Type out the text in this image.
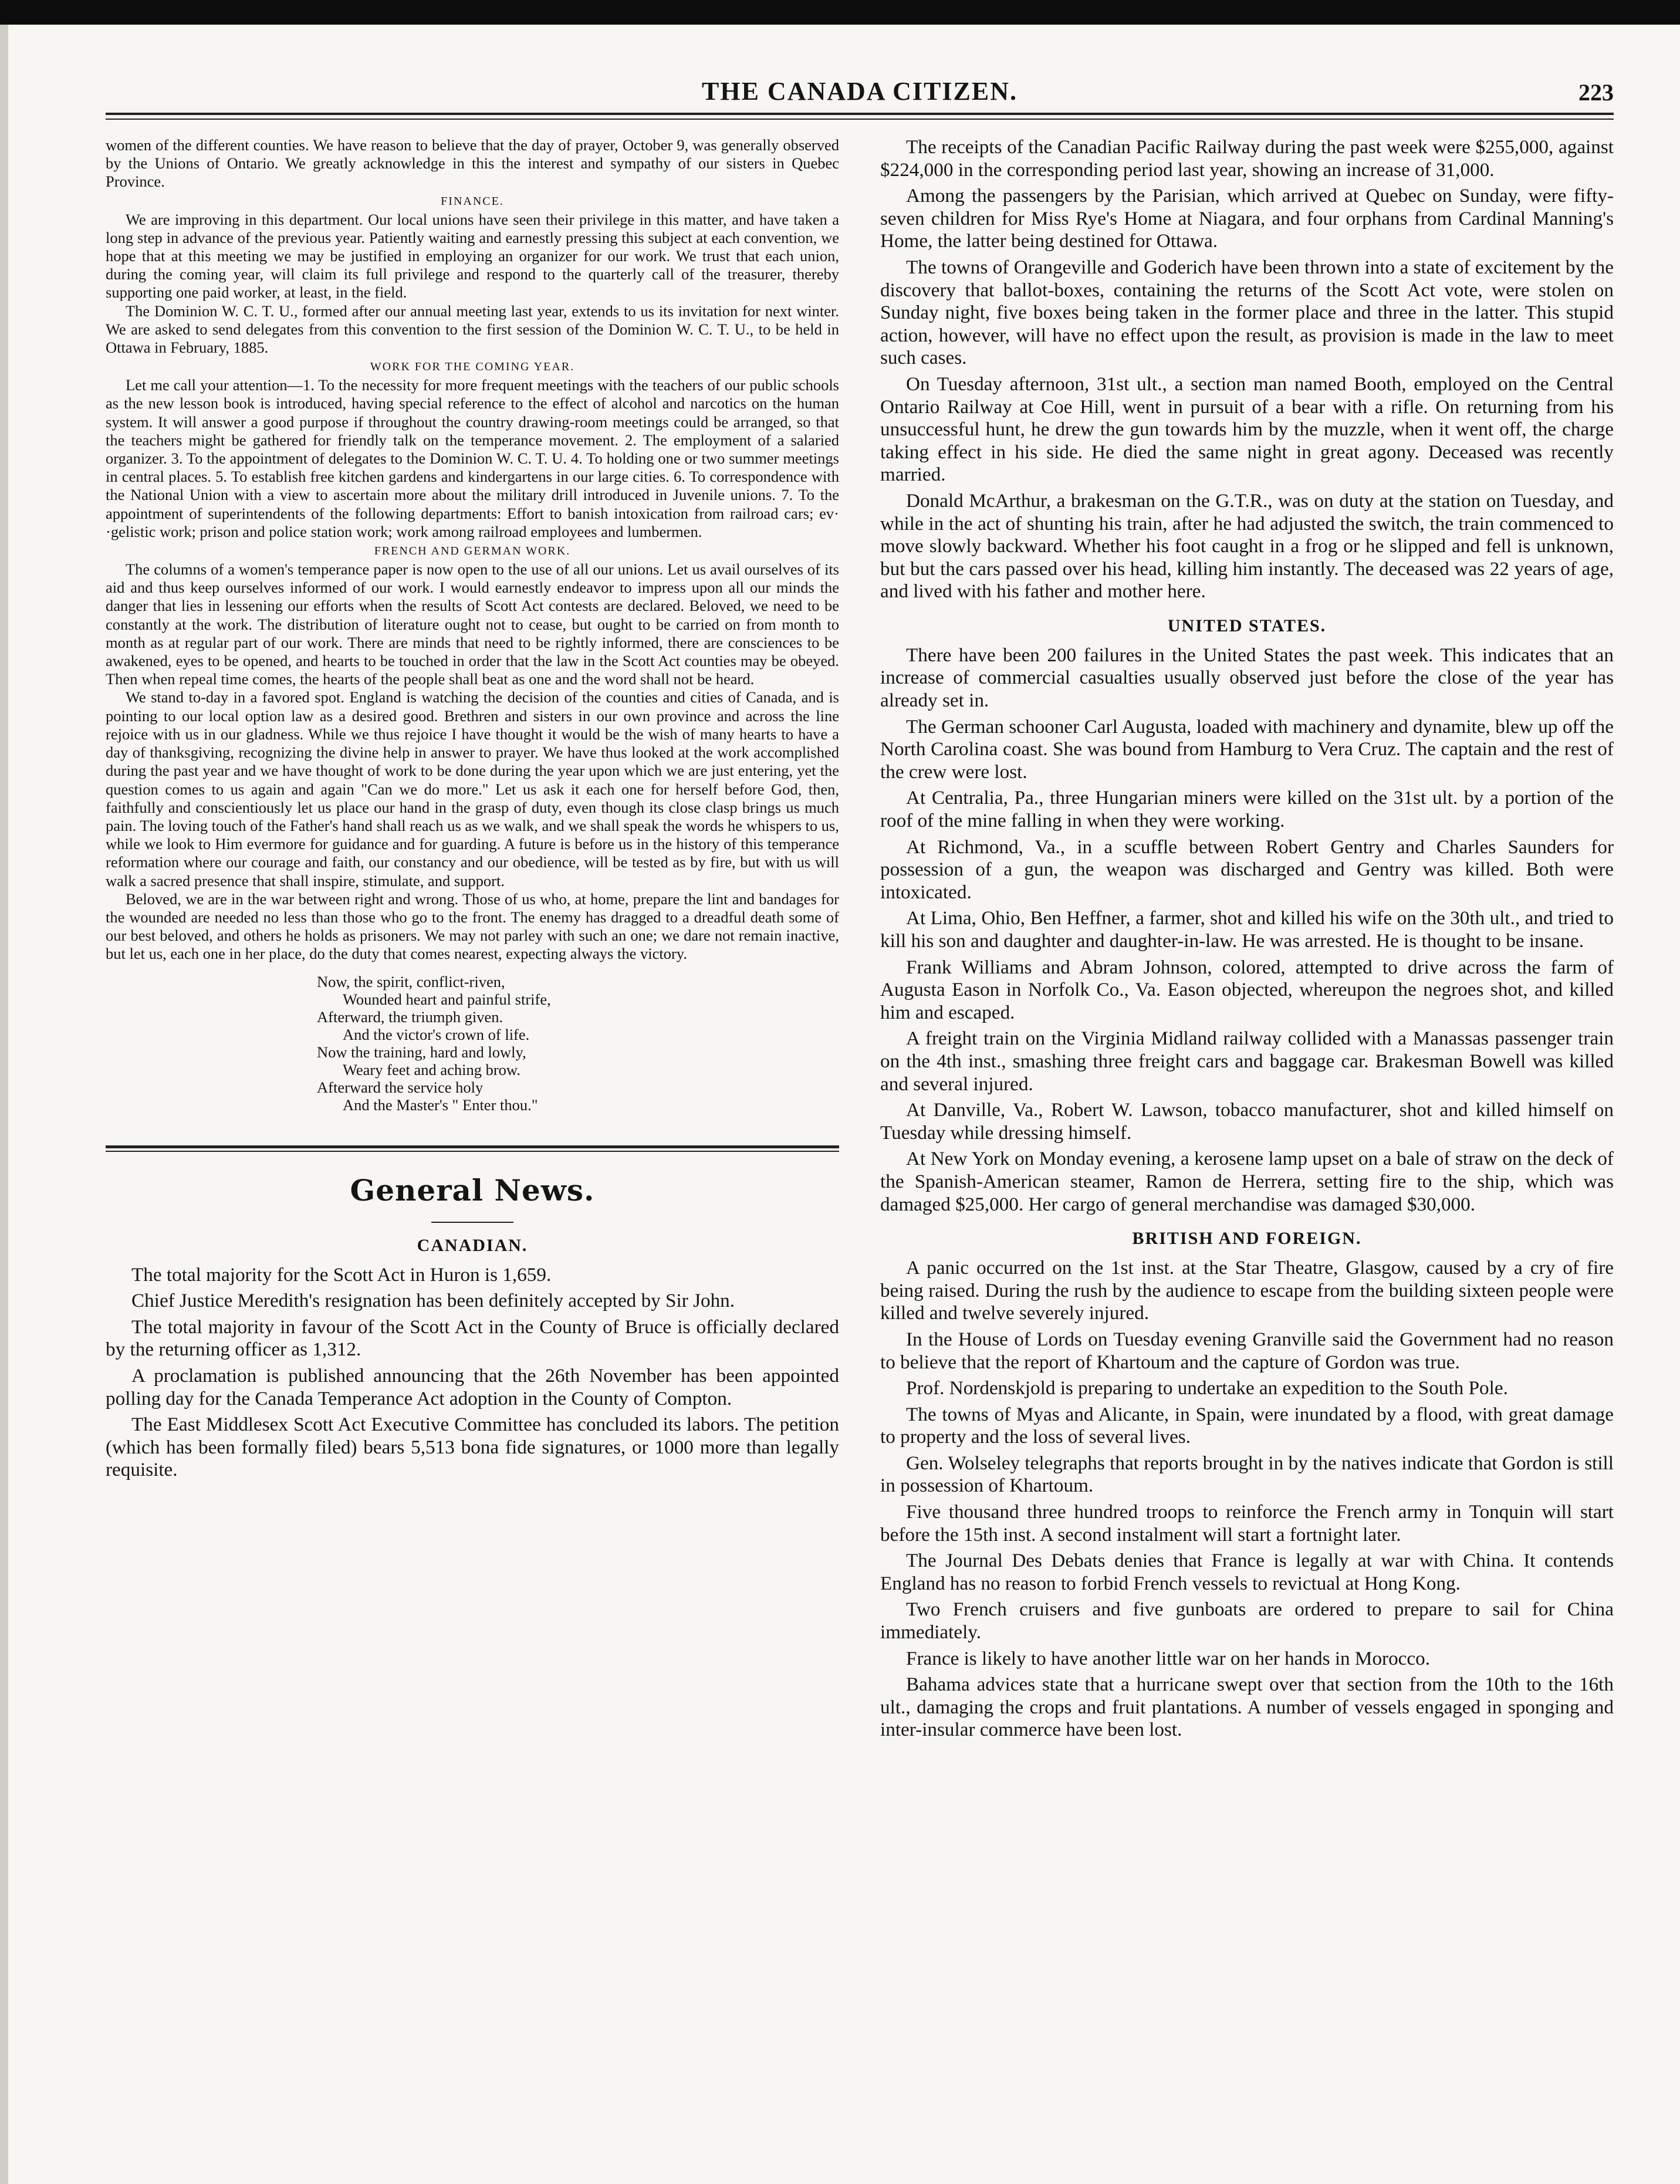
THE CANADA CITIZEN.	223

women of the different counties. We have reason to believe that the day of prayer, October 9, was generally observed by the Unions of Ontario. We greatly acknowledge in this the interest and sympathy of our sisters in Quebec Province.

FINANCE.

We are improving in this department. Our local unions have seen their privilege in this matter, and have taken a long step in advance of the previous year. Patiently waiting and earnestly pressing this subject at each convention, we hope that at this meeting we may be justified in employing an organizer for our work. We trust that each union, during the coming year, will claim its full privilege and respond to the quarterly call of the treasurer, thereby supporting one paid worker, at least, in the field.

The Dominion W. C. T. U., formed after our annual meeting last year, extends to us its invitation for next winter. We are asked to send delegates from this convention to the first session of the Dominion W. C. T. U., to be held in Ottawa in February, 1885.

WORK FOR THE COMING YEAR.

Let me call your attention—1. To the necessity for more frequent meetings with the teachers of our public schools as the new lesson book is introduced, having special reference to the effect of alcohol and narcotics on the human system. It will answer a good purpose if throughout the country drawing-room meetings could be arranged, so that the teachers might be gathered for friendly talk on the temperance movement. 2. The employment of a salaried organizer. 3. To the appointment of delegates to the Dominion W. C. T. U. 4. To holding one or two summer meetings in central places. 5. To establish free kitchen gardens and kindergartens in our large cities. 6. To correspondence with the National Union with a view to ascertain more about the military drill introduced in Juvenile unions. 7. To the appointment of superintendents of the following departments: Effort to banish intoxication from railroad cars; ev· ·gelistic work; prison and police station work; work among railroad employees and lumbermen.

FRENCH AND GERMAN WORK.

The columns of a women's temperance paper is now open to the use of all our unions. Let us avail ourselves of its aid and thus keep ourselves informed of our work. I would earnestly endeavor to impress upon all our minds the danger that lies in lessening our efforts when the results of Scott Act contests are declared. Beloved, we need to be constantly at the work. The distribution of literature ought not to cease, but ought to be carried on from month to month as at regular part of our work. There are minds that need to be rightly informed, there are consciences to be awakened, eyes to be opened, and hearts to be touched in order that the law in the Scott Act counties may be obeyed. Then when repeal time comes, the hearts of the people shall beat as one and the word shall not be heard.

We stand to-day in a favored spot. England is watching the decision of the counties and cities of Canada, and is pointing to our local option law as a desired good. Brethren and sisters in our own province and across the line rejoice with us in our gladness. While we thus rejoice I have thought it would be the wish of many hearts to have a day of thanksgiving, recognizing the divine help in answer to prayer. We have thus looked at the work accomplished during the past year and we have thought of work to be done during the year upon which we are just entering, yet the question comes to us again and again "Can we do more." Let us ask it each one for herself before God, then, faithfully and conscientiously let us place our hand in the grasp of duty, even though its close clasp brings us much pain. The loving touch of the Father's hand shall reach us as we walk, and we shall speak the words he whispers to us, while we look to Him evermore for guidance and for guarding. A future is before us in the history of this temperance reformation where our courage and faith, our constancy and our obedience, will be tested as by fire, but with us will walk a sacred presence that shall inspire, stimulate, and support.

Beloved, we are in the war between right and wrong. Those of us who, at home, prepare the lint and bandages for the wounded are needed no less than those who go to the front. The enemy has dragged to a dreadful death some of our best beloved, and others he holds as prisoners. We may not parley with such an one; we dare not remain inactive, but let us, each one in her place, do the duty that comes nearest, expecting always the victory.

Now, the spirit, conflict-riven,
Wounded heart and painful strife,
Afterward, the triumph given.
And the victor's crown of life.
Now the training, hard and lowly,
Weary feet and aching brow.
Afterward the service holy
And the Master's " Enter thou."
General News.
CANADIAN.

The total majority for the Scott Act in Huron is 1,659.

Chief Justice Meredith's resignation has been definitely accepted by Sir John.

The total majority in favour of the Scott Act in the County of Bruce is officially declared by the returning officer as 1,312.

A proclamation is published announcing that the 26th November has been appointed polling day for the Canada Temperance Act adoption in the County of Compton.

The East Middlesex Scott Act Executive Committee has concluded its labors. The petition (which has been formally filed) bears 5,513 bona fide signatures, or 1000 more than legally requisite.

The receipts of the Canadian Pacific Railway during the past week were $255,000, against $224,000 in the corresponding period last year, showing an increase of 31,000.

Among the passengers by the Parisian, which arrived at Quebec on Sunday, were fifty-seven children for Miss Rye's Home at Niagara, and four orphans from Cardinal Manning's Home, the latter being destined for Ottawa.

The towns of Orangeville and Goderich have been thrown into a state of excitement by the discovery that ballot-boxes, containing the returns of the Scott Act vote, were stolen on Sunday night, five boxes being taken in the former place and three in the latter. This stupid action, however, will have no effect upon the result, as provision is made in the law to meet such cases.

On Tuesday afternoon, 31st ult., a section man named Booth, employed on the Central Ontario Railway at Coe Hill, went in pursuit of a bear with a rifle. On returning from his unsuccessful hunt, he drew the gun towards him by the muzzle, when it went off, the charge taking effect in his side. He died the same night in great agony. Deceased was recently married.

Donald McArthur, a brakesman on the G.T.R., was on duty at the station on Tuesday, and while in the act of shunting his train, after he had adjusted the switch, the train commenced to move slowly backward. Whether his foot caught in a frog or he slipped and fell is unknown, but but the cars passed over his head, killing him instantly. The deceased was 22 years of age, and lived with his father and mother here.

UNITED STATES.

There have been 200 failures in the United States the past week. This indicates that an increase of commercial casualties usually observed just before the close of the year has already set in.

The German schooner Carl Augusta, loaded with machinery and dynamite, blew up off the North Carolina coast. She was bound from Hamburg to Vera Cruz. The captain and the rest of the crew were lost.

At Centralia, Pa., three Hungarian miners were killed on the 31st ult. by a portion of the roof of the mine falling in when they were working.

At Richmond, Va., in a scuffle between Robert Gentry and Charles Saunders for possession of a gun, the weapon was discharged and Gentry was killed. Both were intoxicated.

At Lima, Ohio, Ben Heffner, a farmer, shot and killed his wife on the 30th ult., and tried to kill his son and daughter and daughter-in-law. He was arrested. He is thought to be insane.

Frank Williams and Abram Johnson, colored, attempted to drive across the farm of Augusta Eason in Norfolk Co., Va. Eason objected, whereupon the negroes shot, and killed him and escaped.

A freight train on the Virginia Midland railway collided with a Manassas passenger train on the 4th inst., smashing three freight cars and baggage car. Brakesman Bowell was killed and several injured.

At Danville, Va., Robert W. Lawson, tobacco manufacturer, shot and killed himself on Tuesday while dressing himself.

At New York on Monday evening, a kerosene lamp upset on a bale of straw on the deck of the Spanish-American steamer, Ramon de Herrera, setting fire to the ship, which was damaged $25,000. Her cargo of general merchandise was damaged $30,000.

BRITISH AND FOREIGN.

A panic occurred on the 1st inst. at the Star Theatre, Glasgow, caused by a cry of fire being raised. During the rush by the audience to escape from the building sixteen people were killed and twelve severely injured.

In the House of Lords on Tuesday evening Granville said the Government had no reason to believe that the report of Khartoum and the capture of Gordon was true.

Prof. Nordenskjold is preparing to undertake an expedition to the South Pole.

The towns of Myas and Alicante, in Spain, were inundated by a flood, with great damage to property and the loss of several lives.

Gen. Wolseley telegraphs that reports brought in by the natives indicate that Gordon is still in possession of Khartoum.

Five thousand three hundred troops to reinforce the French army in Tonquin will start before the 15th inst. A second instalment will start a fortnight later.

The Journal Des Debats denies that France is legally at war with China. It contends England has no reason to forbid French vessels to revictual at Hong Kong.

Two French cruisers and five gunboats are ordered to prepare to sail for China immediately.

France is likely to have another little war on her hands in Morocco.

Bahama advices state that a hurricane swept over that section from the 10th to the 16th ult., damaging the crops and fruit plantations. A number of vessels engaged in sponging and inter-insular commerce have been lost.
